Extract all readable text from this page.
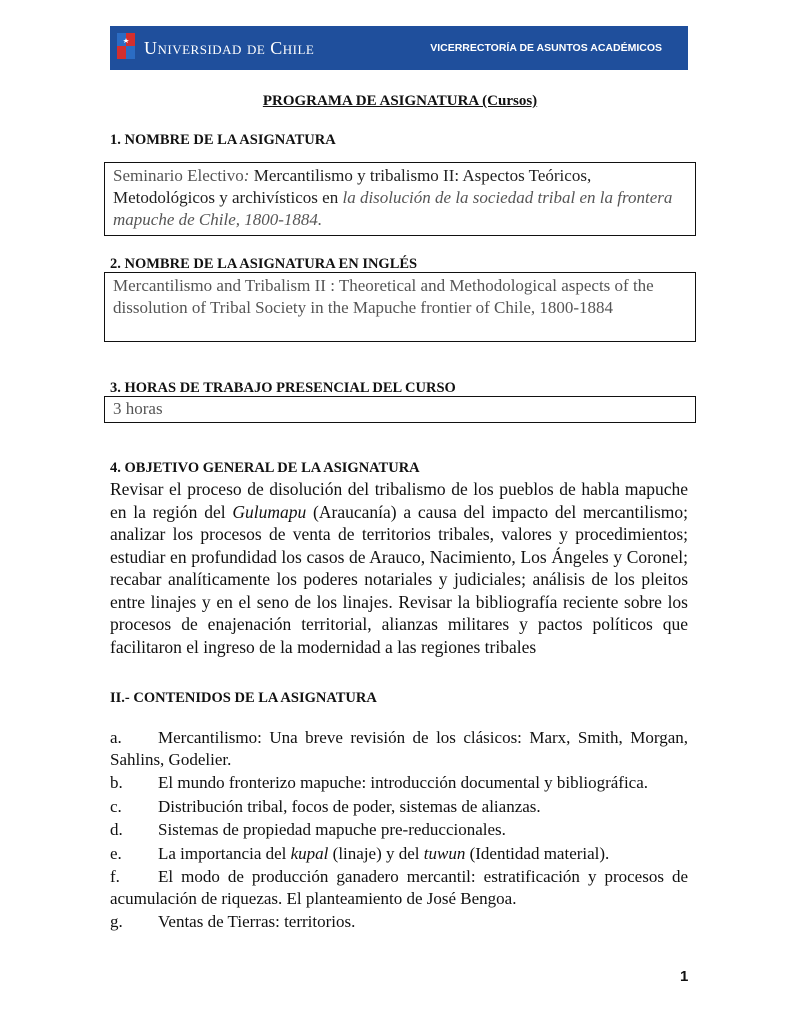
Universidad de Chile	VICERRECTORÍA DE ASUNTOS ACADÉMICOS
PROGRAMA DE ASIGNATURA (Cursos)
1. NOMBRE DE LA ASIGNATURA
Seminario Electivo: Mercantilismo y tribalismo II: Aspectos Teóricos, Metodológicos y archivísticos en la disolución de la sociedad tribal en la frontera mapuche de Chile, 1800-1884.
2. NOMBRE DE LA ASIGNATURA EN INGLÉS
Mercantilismo and Tribalism II : Theoretical and Methodological aspects of the dissolution of Tribal Society in the Mapuche frontier of Chile, 1800-1884
3. HORAS DE TRABAJO PRESENCIAL DEL CURSO
3 horas
4. OBJETIVO GENERAL DE LA ASIGNATURA
Revisar el proceso de disolución del tribalismo de los pueblos de habla mapuche en la región del Gulumapu (Araucanía) a causa del impacto del mercantilismo; analizar los procesos de venta de territorios tribales, valores y procedimientos; estudiar en profundidad los casos de Arauco, Nacimiento, Los Ángeles y Coronel; recabar analíticamente los poderes notariales y judiciales; análisis de los pleitos entre linajes y en el seno de los linajes. Revisar la bibliografía reciente sobre los procesos de enajenación territorial, alianzas militares y pactos políticos que facilitaron el ingreso de la modernidad a las regiones tribales
II.- CONTENIDOS DE LA ASIGNATURA
a. Mercantilismo: Una breve revisión de los clásicos: Marx, Smith, Morgan, Sahlins, Godelier.
b. El mundo fronterizo mapuche: introducción documental y bibliográfica.
c. Distribución tribal, focos de poder, sistemas de alianzas.
d. Sistemas de propiedad mapuche pre-reduccionales.
e. La importancia del kupal (linaje) y del tuwun (Identidad material).
f. El modo de producción ganadero mercantil: estratificación y procesos de acumulación de riquezas. El planteamiento de José Bengoa.
g. Ventas de Tierras: territorios.
1
